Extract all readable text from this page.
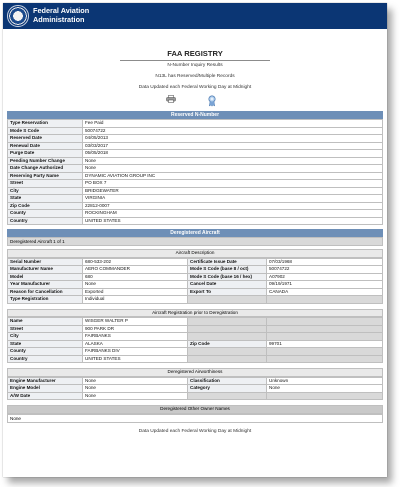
Federal Aviation
Administration
FAA REGISTRY
N-Number Inquiry Results
N13L has Reserved/Multiple Records
Data Updated each Federal Working Day at Midnight
Reserved N-Number
Type Reservation	Fee Paid
Mode S Code	50074722
Reserved Date	04/05/2013
Renewal Date	03/03/2017
Purge Date	05/05/2018
Pending Number Change	None
Date Change Authorized	None
Reserving Party Name	DYNAMIC AVIATION GROUP INC
Street	PO BOX 7
City	BRIDGEWATER
State	VIRGINIA
Zip Code	22812-0007
County	ROCKINGHAM
Country	UNITED STATES
Deregistered Aircraft
Deregistered Aircraft 1 of 1
Aircraft Description
Serial Number	680-533-202	Certificate Issue Date	07/03/1968
Manufacturer Name	AERO COMMANDER	Mode S Code (base 8 / oct)	50074722
Model	680	Mode S Code (base 16 / hex)	A07902
Year Manufacturer	None	Cancel Date	09/19/1971
Reason for Cancellation	Exported	Export To	CANADA
Type Registration	Individual		
Aircraft Registration prior to Deregistration
Name	WISGER WALTER P		
Street	900 PARK DR		
City	FAIRBANKS		
State	ALASKA	Zip Code	99701
County	FAIRBANKS DIV		
Country	UNITED STATES		
Deregistered Airworthiness
Engine Manufacturer	None	Classification	Unknown
Engine Model	None	Category	None
A/W Date	None		
Deregistered Other Owner Names
None
Data Updated each Federal Working Day at Midnight
